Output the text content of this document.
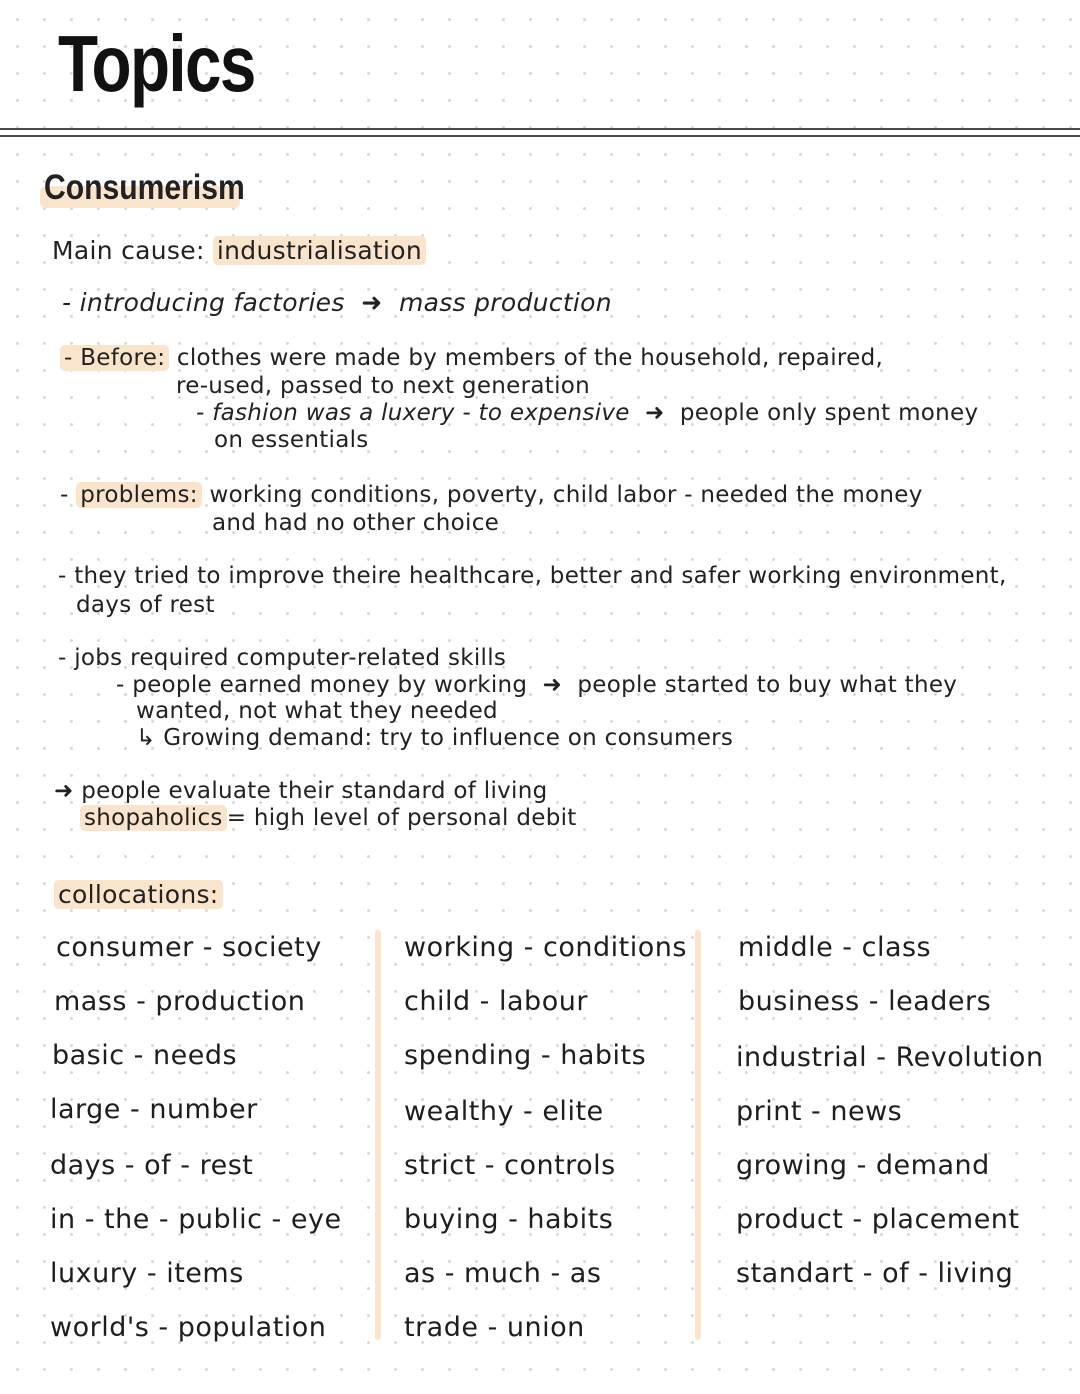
Topics
Consumerism
Main cause: industrialisation
- introducing factories  ➜  mass production
- Before: clothes were made by members of the household, repaired,
re-used, passed to next generation
- fashion was a luxery - to expensive  ➜  people only spent money
on essentials
- problems: working conditions, poverty, child labor - needed the money
and had no other choice
- they tried to improve theire healthcare, better and safer working environment,
days of rest
- jobs required computer-related skills
- people earned money by working  ➜  people started to buy what they
wanted, not what they needed
↳ Growing demand: try to influence on consumers
➜ people evaluate their standard of living
shopaholics = high level of personal debit
collocations:
consumer - society
mass - production
basic - needs
large - number
days - of - rest
in - the - public - eye
luxury - items
world's - population
working - conditions
child - labour
spending - habits
wealthy - elite
strict - controls
buying - habits
as - much - as
trade - union
middle - class
business - leaders
industrial - Revolution
print - news
growing - demand
product - placement
standart - of - living
